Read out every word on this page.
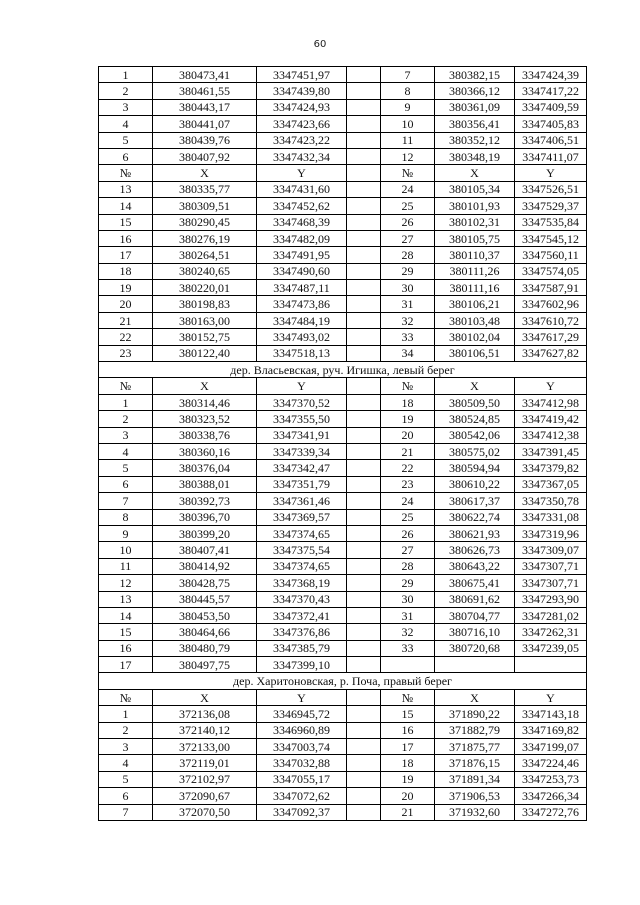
60
1	380473,41	3347451,97		7	380382,15	3347424,39
2	380461,55	3347439,80		8	380366,12	3347417,22
3	380443,17	3347424,93		9	380361,09	3347409,59
4	380441,07	3347423,66		10	380356,41	3347405,83
5	380439,76	3347423,22		11	380352,12	3347406,51
6	380407,92	3347432,34		12	380348,19	3347411,07
№	X	Y		№	X	Y
13	380335,77	3347431,60		24	380105,34	3347526,51
14	380309,51	3347452,62		25	380101,93	3347529,37
15	380290,45	3347468,39		26	380102,31	3347535,84
16	380276,19	3347482,09		27	380105,75	3347545,12
17	380264,51	3347491,95		28	380110,37	3347560,11
18	380240,65	3347490,60		29	380111,26	3347574,05
19	380220,01	3347487,11		30	380111,16	3347587,91
20	380198,83	3347473,86		31	380106,21	3347602,96
21	380163,00	3347484,19		32	380103,48	3347610,72
22	380152,75	3347493,02		33	380102,04	3347617,29
23	380122,40	3347518,13		34	380106,51	3347627,82
дер. Власьевская, руч. Игишка, левый берег						
№	X	Y		№	X	Y
1	380314,46	3347370,52		18	380509,50	3347412,98
2	380323,52	3347355,50		19	380524,85	3347419,42
3	380338,76	3347341,91		20	380542,06	3347412,38
4	380360,16	3347339,34		21	380575,02	3347391,45
5	380376,04	3347342,47		22	380594,94	3347379,82
6	380388,01	3347351,79		23	380610,22	3347367,05
7	380392,73	3347361,46		24	380617,37	3347350,78
8	380396,70	3347369,57		25	380622,74	3347331,08
9	380399,20	3347374,65		26	380621,93	3347319,96
10	380407,41	3347375,54		27	380626,73	3347309,07
11	380414,92	3347374,65		28	380643,22	3347307,71
12	380428,75	3347368,19		29	380675,41	3347307,71
13	380445,57	3347370,43		30	380691,62	3347293,90
14	380453,50	3347372,41		31	380704,77	3347281,02
15	380464,66	3347376,86		32	380716,10	3347262,31
16	380480,79	3347385,79		33	380720,68	3347239,05
17	380497,75	3347399,10				
дер. Харитоновская, р. Поча, правый берег						
№	X	Y		№	X	Y
1	372136,08	3346945,72		15	371890,22	3347143,18
2	372140,12	3346960,89		16	371882,79	3347169,82
3	372133,00	3347003,74		17	371875,77	3347199,07
4	372119,01	3347032,88		18	371876,15	3347224,46
5	372102,97	3347055,17		19	371891,34	3347253,73
6	372090,67	3347072,62		20	371906,53	3347266,34
7	372070,50	3347092,37		21	371932,60	3347272,76
